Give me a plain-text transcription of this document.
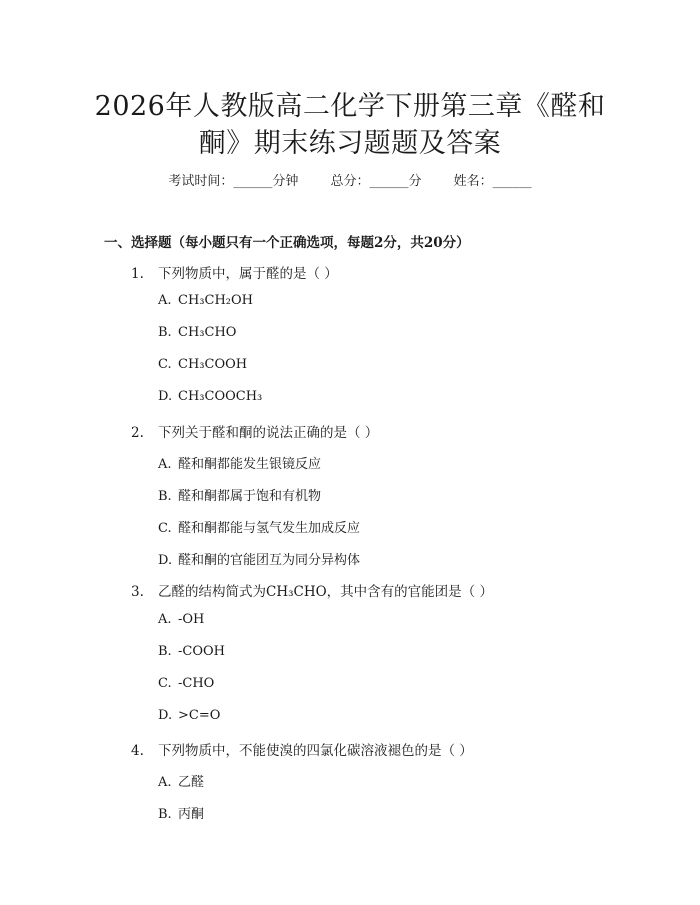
2026年人教版高二化学下册第三章《醛和
酮》期末练习题题及答案
考试时间：______分钟 总分：______分 姓名：______
一、选择题（每小题只有一个正确选项，每题2分，共20分）
1. 下列物质中，属于醛的是（ ）
A. CH₃CH₂OH
B. CH₃CHO
C. CH₃COOH
D. CH₃COOCH₃
2. 下列关于醛和酮的说法正确的是（ ）
A. 醛和酮都能发生银镜反应
B. 醛和酮都属于饱和有机物
C. 醛和酮都能与氢气发生加成反应
D. 醛和酮的官能团互为同分异构体
3. 乙醛的结构简式为CH₃CHO，其中含有的官能团是（ ）
A. -OH
B. -COOH
C. -CHO
D. >C=O
4. 下列物质中，不能使溴的四氯化碳溶液褪色的是（ ）
A. 乙醛
B. 丙酮
